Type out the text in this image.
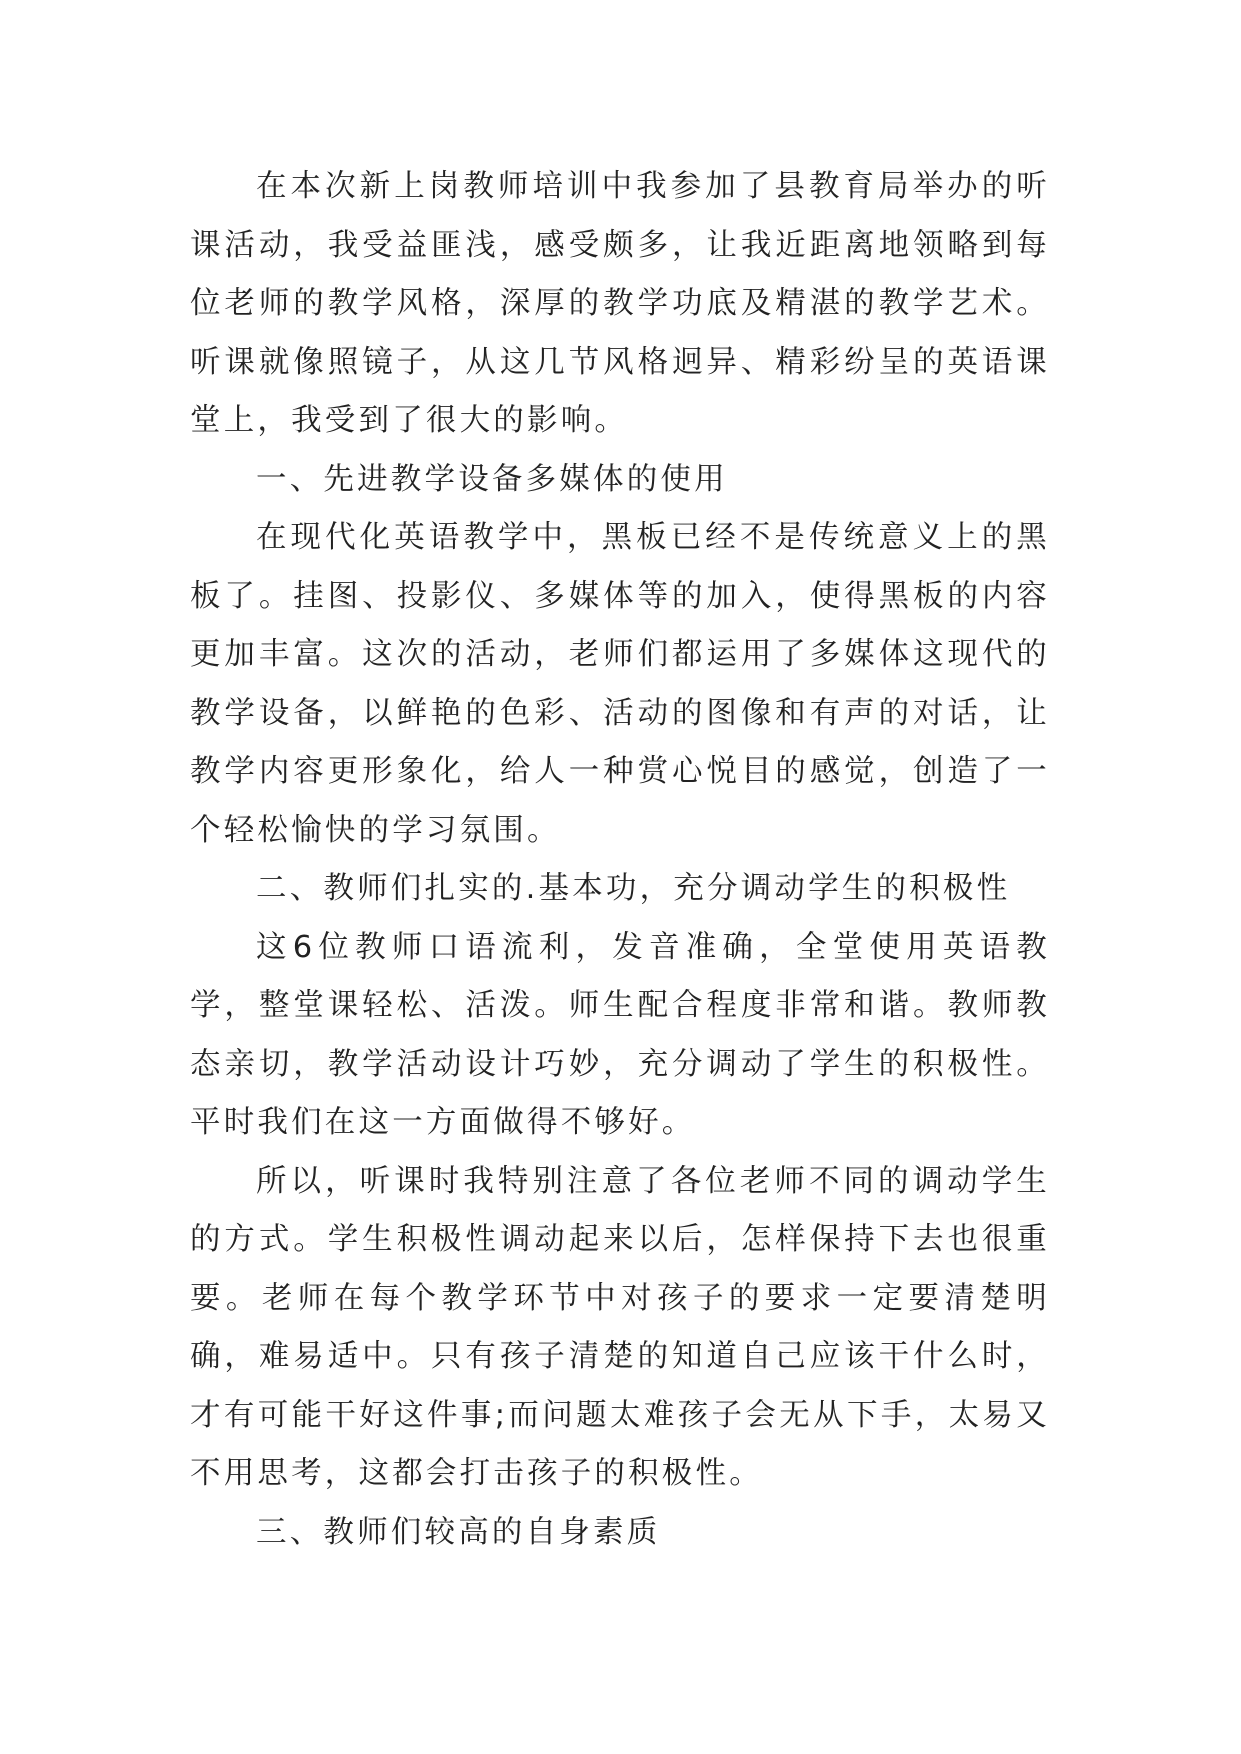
在本次新上岗教师培训中我参加了县教育局举办的听课活动，我受益匪浅，感受颇多，让我近距离地领略到每位老师的教学风格，深厚的教学功底及精湛的教学艺术。听课就像照镜子，从这几节风格迥异、精彩纷呈的英语课堂上，我受到了很大的影响。

一、先进教学设备多媒体的使用

在现代化英语教学中，黑板已经不是传统意义上的黑板了。挂图、投影仪、多媒体等的加入，使得黑板的内容更加丰富。这次的活动，老师们都运用了多媒体这现代的教学设备，以鲜艳的色彩、活动的图像和有声的对话，让教学内容更形象化，给人一种赏心悦目的感觉，创造了一个轻松愉快的学习氛围。

二、教师们扎实的.基本功，充分调动学生的积极性

这6位教师口语流利，发音准确，全堂使用英语教学，整堂课轻松、活泼。师生配合程度非常和谐。教师教态亲切，教学活动设计巧妙，充分调动了学生的积极性。平时我们在这一方面做得不够好。

所以，听课时我特别注意了各位老师不同的调动学生的方式。学生积极性调动起来以后，怎样保持下去也很重要。老师在每个教学环节中对孩子的要求一定要清楚明确，难易适中。只有孩子清楚的知道自己应该干什么时，才有可能干好这件事;而问题太难孩子会无从下手，太易又不用思考，这都会打击孩子的积极性。

三、教师们较高的自身素质
